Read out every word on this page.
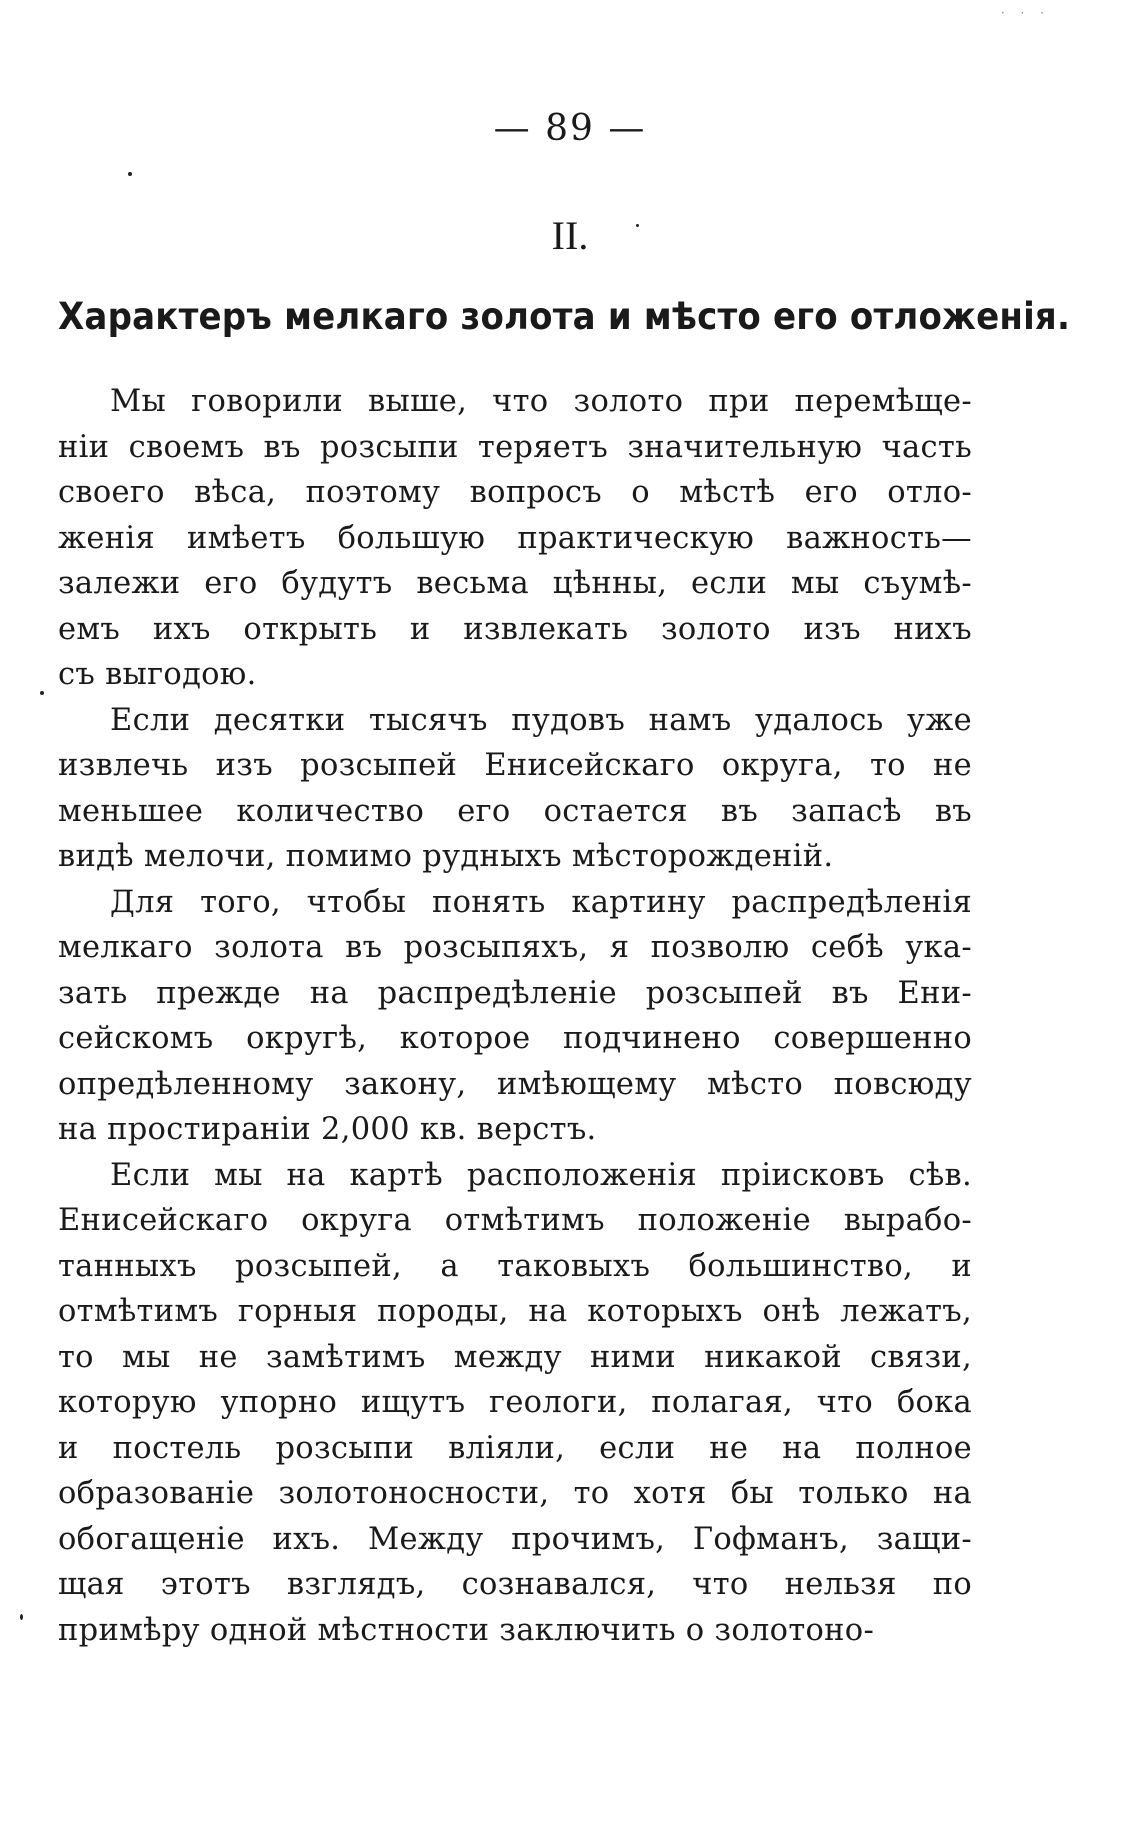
· · ·
— 89 —
II.
Характеръ мелкаго золота и мѣсто его отложенія.
Мы говорили выше, что золото при перемѣще-
ніи своемъ въ розсыпи теряетъ значительную часть
своего вѣса, поэтому вопросъ о мѣстѣ его отло-
женія имѣетъ большую практическую важность—
залежи его будутъ весьма цѣнны, если мы съумѣ-
емъ ихъ открыть и извлекать золото изъ нихъ
съ выгодою.
Если десятки тысячъ пудовъ намъ удалось уже
извлечь изъ розсыпей Енисейскаго округа, то не
меньшее количество его остается въ запасѣ въ
видѣ мелочи, помимо рудныхъ мѣсторожденій.
Для того, чтобы понять картину распредѣленія
мелкаго золота въ розсыпяхъ, я позволю себѣ ука-
зать прежде на распредѣленіе розсыпей въ Ени-
сейскомъ округѣ, которое подчинено совершенно
опредѣленному закону, имѣющему мѣсто повсюду
на простираніи 2,000 кв. верстъ.
Если мы на картѣ расположенія пріисковъ сѣв.
Енисейскаго округа отмѣтимъ положеніе вырабо-
танныхъ розсыпей, а таковыхъ большинство, и
отмѣтимъ горныя породы, на которыхъ онѣ лежатъ,
то мы не замѣтимъ между ними никакой связи,
которую упорно ищутъ геологи, полагая, что бока
и постель розсыпи вліяли, если не на полное
образованіе золотоносности, то хотя бы только на
обогащеніе ихъ. Между прочимъ, Гофманъ, защи-
щая этотъ взглядъ, сознавался, что нельзя по
примѣру одной мѣстности заключить о золотоно-
